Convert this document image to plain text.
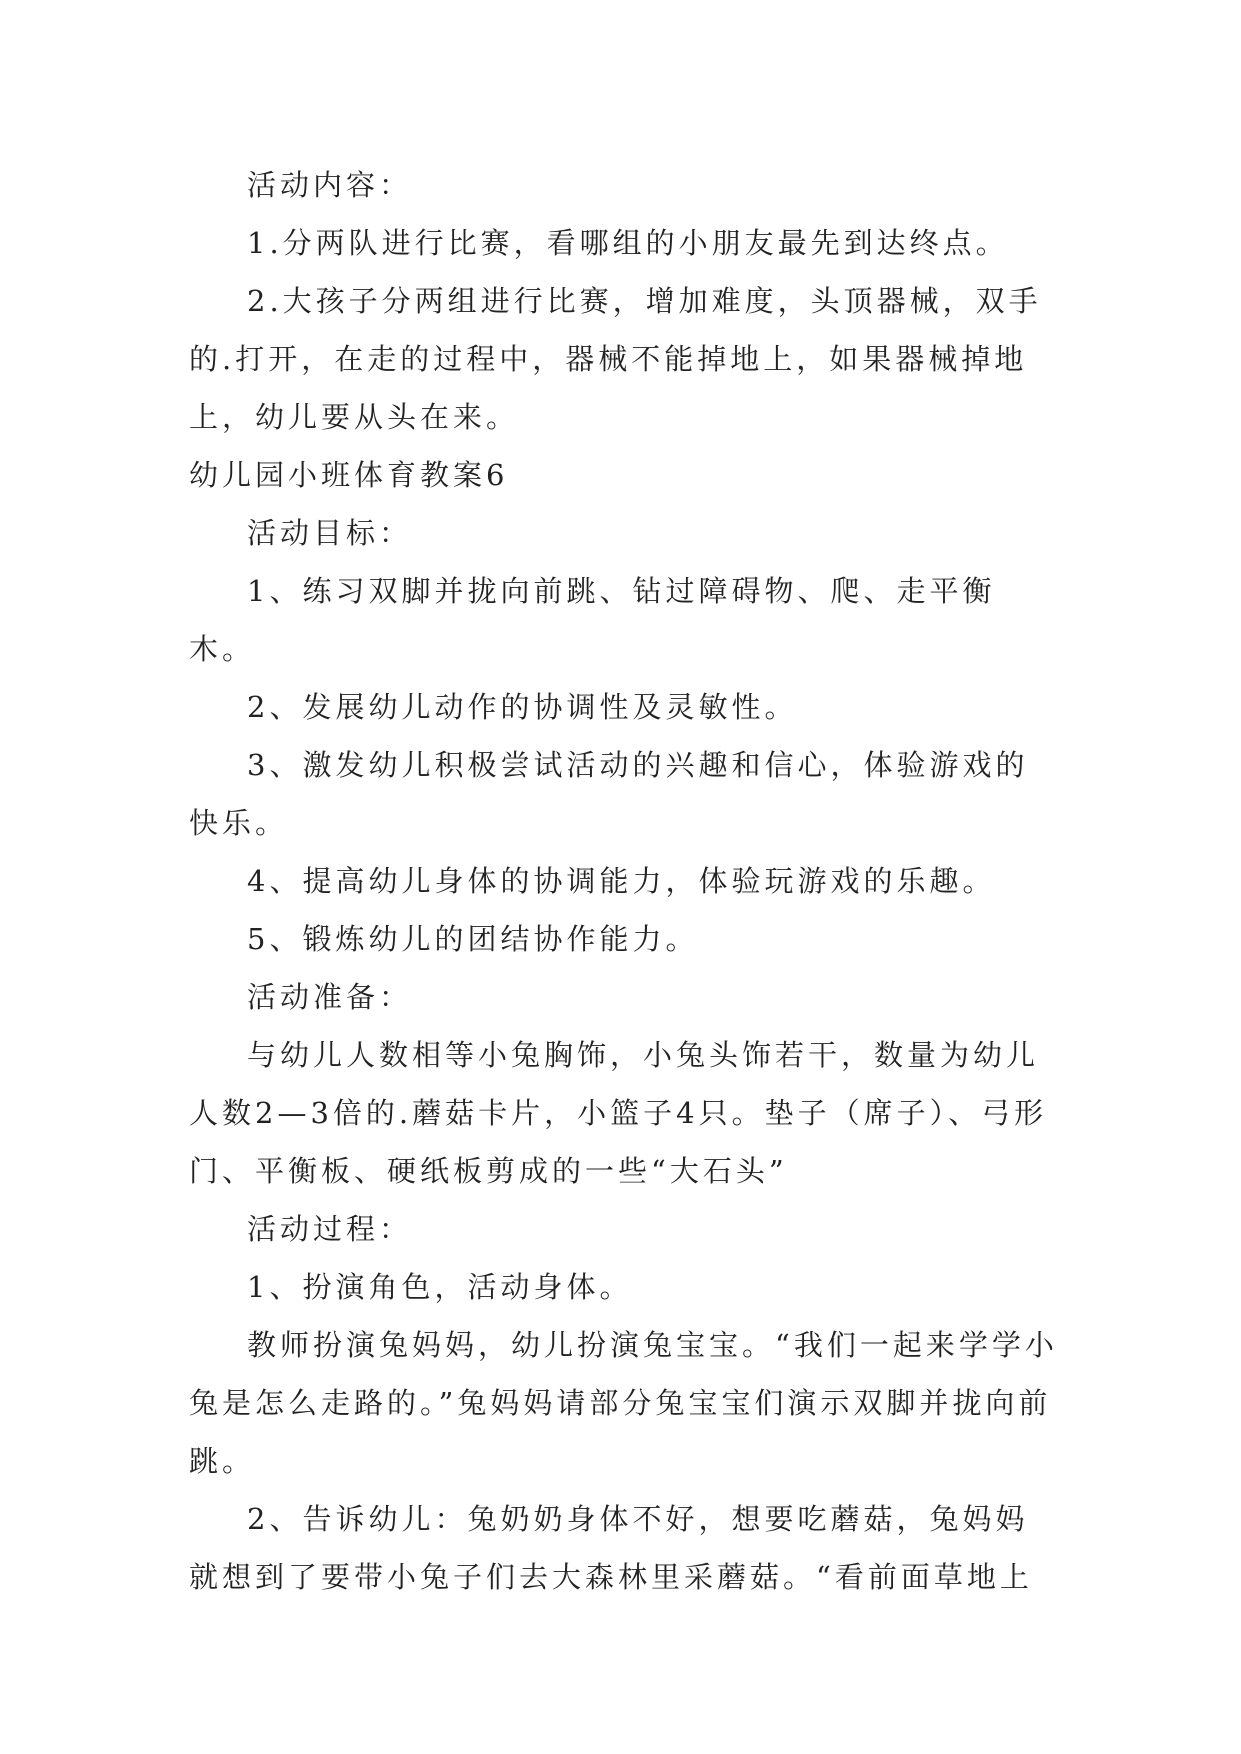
活动内容：

1.分两队进行比赛，看哪组的小朋友最先到达终点。

2.大孩子分两组进行比赛，增加难度，头顶器械，双手的.打开，在走的过程中，器械不能掉地上，如果器械掉地上，幼儿要从头在来。

幼儿园小班体育教案6

活动目标：

1、练习双脚并拢向前跳、钻过障碍物、爬、走平衡木。

2、发展幼儿动作的协调性及灵敏性。

3、激发幼儿积极尝试活动的兴趣和信心，体验游戏的快乐。

4、提高幼儿身体的协调能力，体验玩游戏的乐趣。

5、锻炼幼儿的团结协作能力。

活动准备：

与幼儿人数相等小兔胸饰，小兔头饰若干，数量为幼儿人数2—3倍的.蘑菇卡片，小篮子4只。垫子（席子）、弓形门、平衡板、硬纸板剪成的一些“大石头”

活动过程：

1、扮演角色，活动身体。

教师扮演兔妈妈，幼儿扮演兔宝宝。“我们一起来学学小兔是怎么走路的。”兔妈妈请部分兔宝宝们演示双脚并拢向前跳。

2、告诉幼儿：兔奶奶身体不好，想要吃蘑菇，兔妈妈就想到了要带小兔子们去大森林里采蘑菇。“看前面草地上
